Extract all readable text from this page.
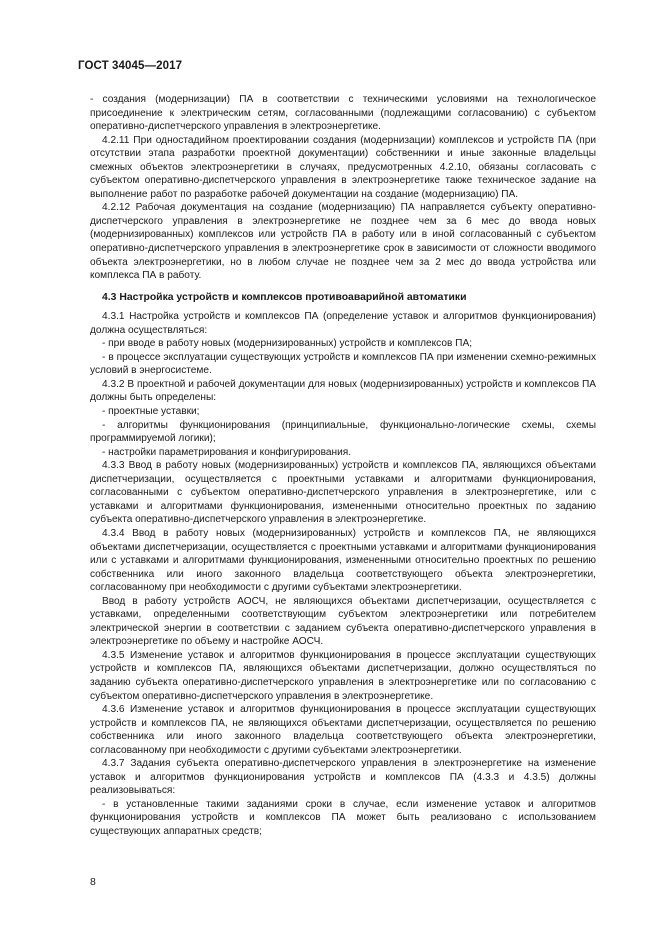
ГОСТ 34045—2017

- создания (модернизации) ПА в соответствии с техническими условиями на технологическое присоединение к электрическим сетям, согласованными (подлежащими согласованию) с субъектом оперативно-диспетчерского управления в электроэнергетике.

4.2.11 При одностадийном проектировании создания (модернизации) комплексов и устройств ПА (при отсутствии этапа разработки проектной документации) собственники и иные законные владельцы смежных объектов электроэнергетики в случаях, предусмотренных 4.2.10, обязаны согласовать с субъектом оперативно-диспетчерского управления в электроэнергетике также техническое задание на выполнение работ по разработке рабочей документации на создание (модернизацию) ПА.

4.2.12 Рабочая документация на создание (модернизацию) ПА направляется субъекту оперативно-диспетчерского управления в электроэнергетике не позднее чем за 6 мес до ввода новых (модернизированных) комплексов или устройств ПА в работу или в иной согласованный с субъектом оперативно-диспетчерского управления в электроэнергетике срок в зависимости от сложности вводимого объекта электроэнергетики, но в любом случае не позднее чем за 2 мес до ввода устройства или комплекса ПА в работу.

4.3 Настройка устройств и комплексов противоаварийной автоматики

4.3.1 Настройка устройств и комплексов ПА (определение уставок и алгоритмов функционирования) должна осуществляться:

- при вводе в работу новых (модернизированных) устройств и комплексов ПА;

- в процессе эксплуатации существующих устройств и комплексов ПА при изменении схемно-режимных условий в энергосистеме.

4.3.2 В проектной и рабочей документации для новых (модернизированных) устройств и комплексов ПА должны быть определены:

- проектные уставки;

- алгоритмы функционирования (принципиальные, функционально-логические схемы, схемы программируемой логики);

- настройки параметрирования и конфигурирования.

4.3.3 Ввод в работу новых (модернизированных) устройств и комплексов ПА, являющихся объектами диспетчеризации, осуществляется с проектными уставками и алгоритмами функционирования, согласованными с субъектом оперативно-диспетчерского управления в электроэнергетике, или с уставками и алгоритмами функционирования, измененными относительно проектных по заданию субъекта оперативно-диспетчерского управления в электроэнергетике.

4.3.4 Ввод в работу новых (модернизированных) устройств и комплексов ПА, не являющихся объектами диспетчеризации, осуществляется с проектными уставками и алгоритмами функционирования или с уставками и алгоритмами функционирования, измененными относительно проектных по решению собственника или иного законного владельца соответствующего объекта электроэнергетики, согласованному при необходимости с другими субъектами электроэнергетики.

Ввод в работу устройств АОСЧ, не являющихся объектами диспетчеризации, осуществляется с уставками, определенными соответствующим субъектом электроэнергетики или потребителем электрической энергии в соответствии с заданием субъекта оперативно-диспетчерского управления в электроэнергетике по объему и настройке АОСЧ.

4.3.5 Изменение уставок и алгоритмов функционирования в процессе эксплуатации существующих устройств и комплексов ПА, являющихся объектами диспетчеризации, должно осуществляться по заданию субъекта оперативно-диспетчерского управления в электроэнергетике или по согласованию с субъектом оперативно-диспетчерского управления в электроэнергетике.

4.3.6 Изменение уставок и алгоритмов функционирования в процессе эксплуатации существующих устройств и комплексов ПА, не являющихся объектами диспетчеризации, осуществляется по решению собственника или иного законного владельца соответствующего объекта электроэнергетики, согласованному при необходимости с другими субъектами электроэнергетики.

4.3.7 Задания субъекта оперативно-диспетчерского управления в электроэнергетике на изменение уставок и алгоритмов функционирования устройств и комплексов ПА (4.3.3 и 4.3.5) должны реализовываться:

- в установленные такими заданиями сроки в случае, если изменение уставок и алгоритмов функционирования устройств и комплексов ПА может быть реализовано с использованием существующих аппаратных средств;

8
